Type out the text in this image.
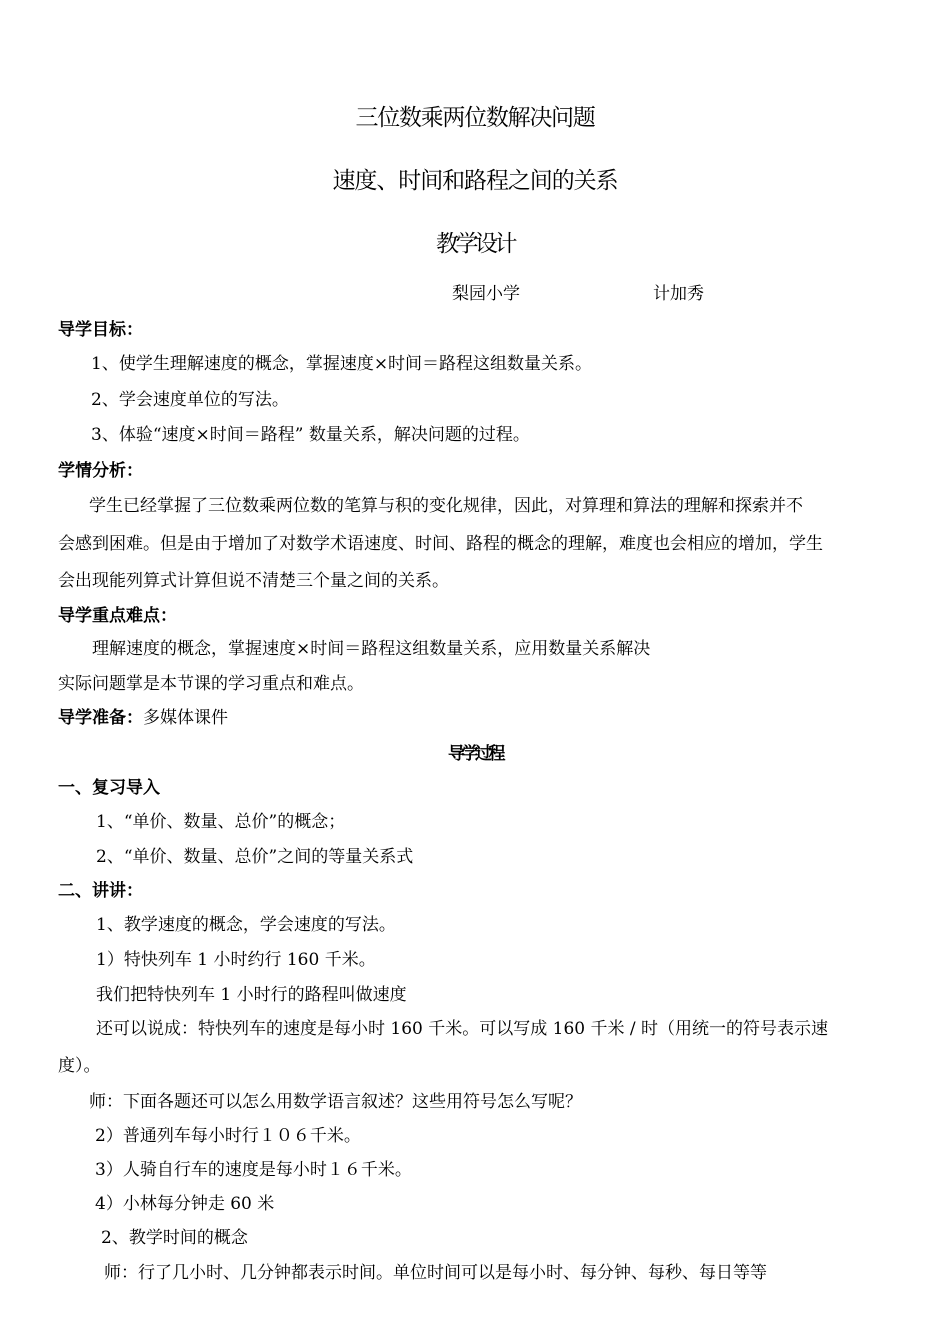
三位数乘两位数解决问题
速度、时间和路程之间的关系
教学设计
梨园小学	计加秀
导学目标：
1、使学生理解速度的概念，掌握速度×时间＝路程这组数量关系。
2、学会速度单位的写法。
3、体验“速度×时间＝路程” 数量关系，解决问题的过程。
学情分析：
学生已经掌握了三位数乘两位数的笔算与积的变化规律，因此，对算理和算法的理解和探索并不
会感到困难。但是由于增加了对数学术语速度、时间、路程的概念的理解，难度也会相应的增加，学生
会出现能列算式计算但说不清楚三个量之间的关系。
导学重点难点：
理解速度的概念，掌握速度×时间＝路程这组数量关系，应用数量关系解决
实际问题掌是本节课的学习重点和难点。
导学准备：多媒体课件
导学过程
一、复习导入
1、“单价、数量、总价”的概念；
2、“单价、数量、总价”之间的等量关系式
二、讲讲：
1、教学速度的概念，学会速度的写法。
1）特快列车 1 小时约行 160 千米。
我们把特快列车 1 小时行的路程叫做速度
还可以说成：特快列车的速度是每小时 160 千米。可以写成 160 千米 / 时（用统一的符号表示速
度）。
师：下面各题还可以怎么用数学语言叙述？这些用符号怎么写呢？
2）普通列车每小时行１０６千米。
3）人骑自行车的速度是每小时１６千米。
4）小林每分钟走 60 米
2、教学时间的概念
师：行了几小时、几分钟都表示时间。单位时间可以是每小时、每分钟、每秒、每日等等
